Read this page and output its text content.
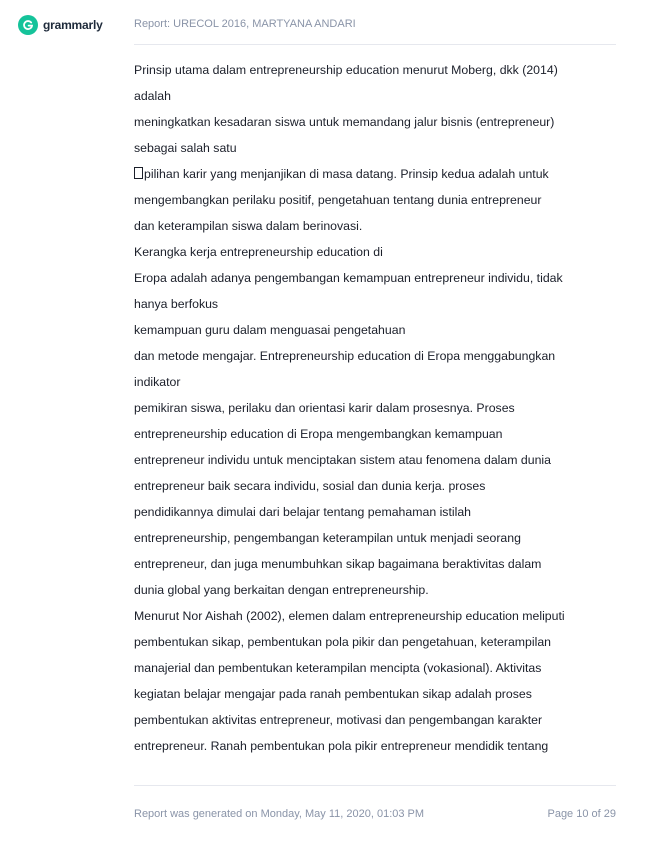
grammarly	Report: URECOL 2016, MARTYANA ANDARI
Prinsip utama dalam entrepreneurship education menurut Moberg, dkk (2014)
adalah
meningkatkan kesadaran siswa untuk memandang jalur bisnis (entrepreneur)
sebagai salah satu
pilihan karir yang menjanjikan di masa datang. Prinsip kedua adalah untuk
mengembangkan perilaku positif, pengetahuan tentang dunia entrepreneur
dan keterampilan siswa dalam berinovasi.
Kerangka kerja entrepreneurship education di
Eropa adalah adanya pengembangan kemampuan entrepreneur individu, tidak
hanya berfokus
kemampuan guru dalam menguasai pengetahuan
dan metode mengajar. Entrepreneurship education di Eropa menggabungkan
indikator
pemikiran siswa, perilaku dan orientasi karir dalam prosesnya. Proses
entrepreneurship education di Eropa mengembangkan kemampuan
entrepreneur individu untuk menciptakan sistem atau fenomena dalam dunia
entrepreneur baik secara individu, sosial dan dunia kerja. proses
pendidikannya dimulai dari belajar tentang pemahaman istilah
entrepreneurship, pengembangan keterampilan untuk menjadi seorang
entrepreneur, dan juga menumbuhkan sikap bagaimana beraktivitas dalam
dunia global yang berkaitan dengan entrepreneurship.
Menurut Nor Aishah (2002), elemen dalam entrepreneurship education meliputi
pembentukan sikap, pembentukan pola pikir dan pengetahuan, keterampilan
manajerial dan pembentukan keterampilan mencipta (vokasional). Aktivitas
kegiatan belajar mengajar pada ranah pembentukan sikap adalah proses
pembentukan aktivitas entrepreneur, motivasi dan pengembangan karakter
entrepreneur. Ranah pembentukan pola pikir entrepreneur mendidik tentang
Report was generated on Monday, May 11, 2020, 01:03 PM	Page 10 of 29
